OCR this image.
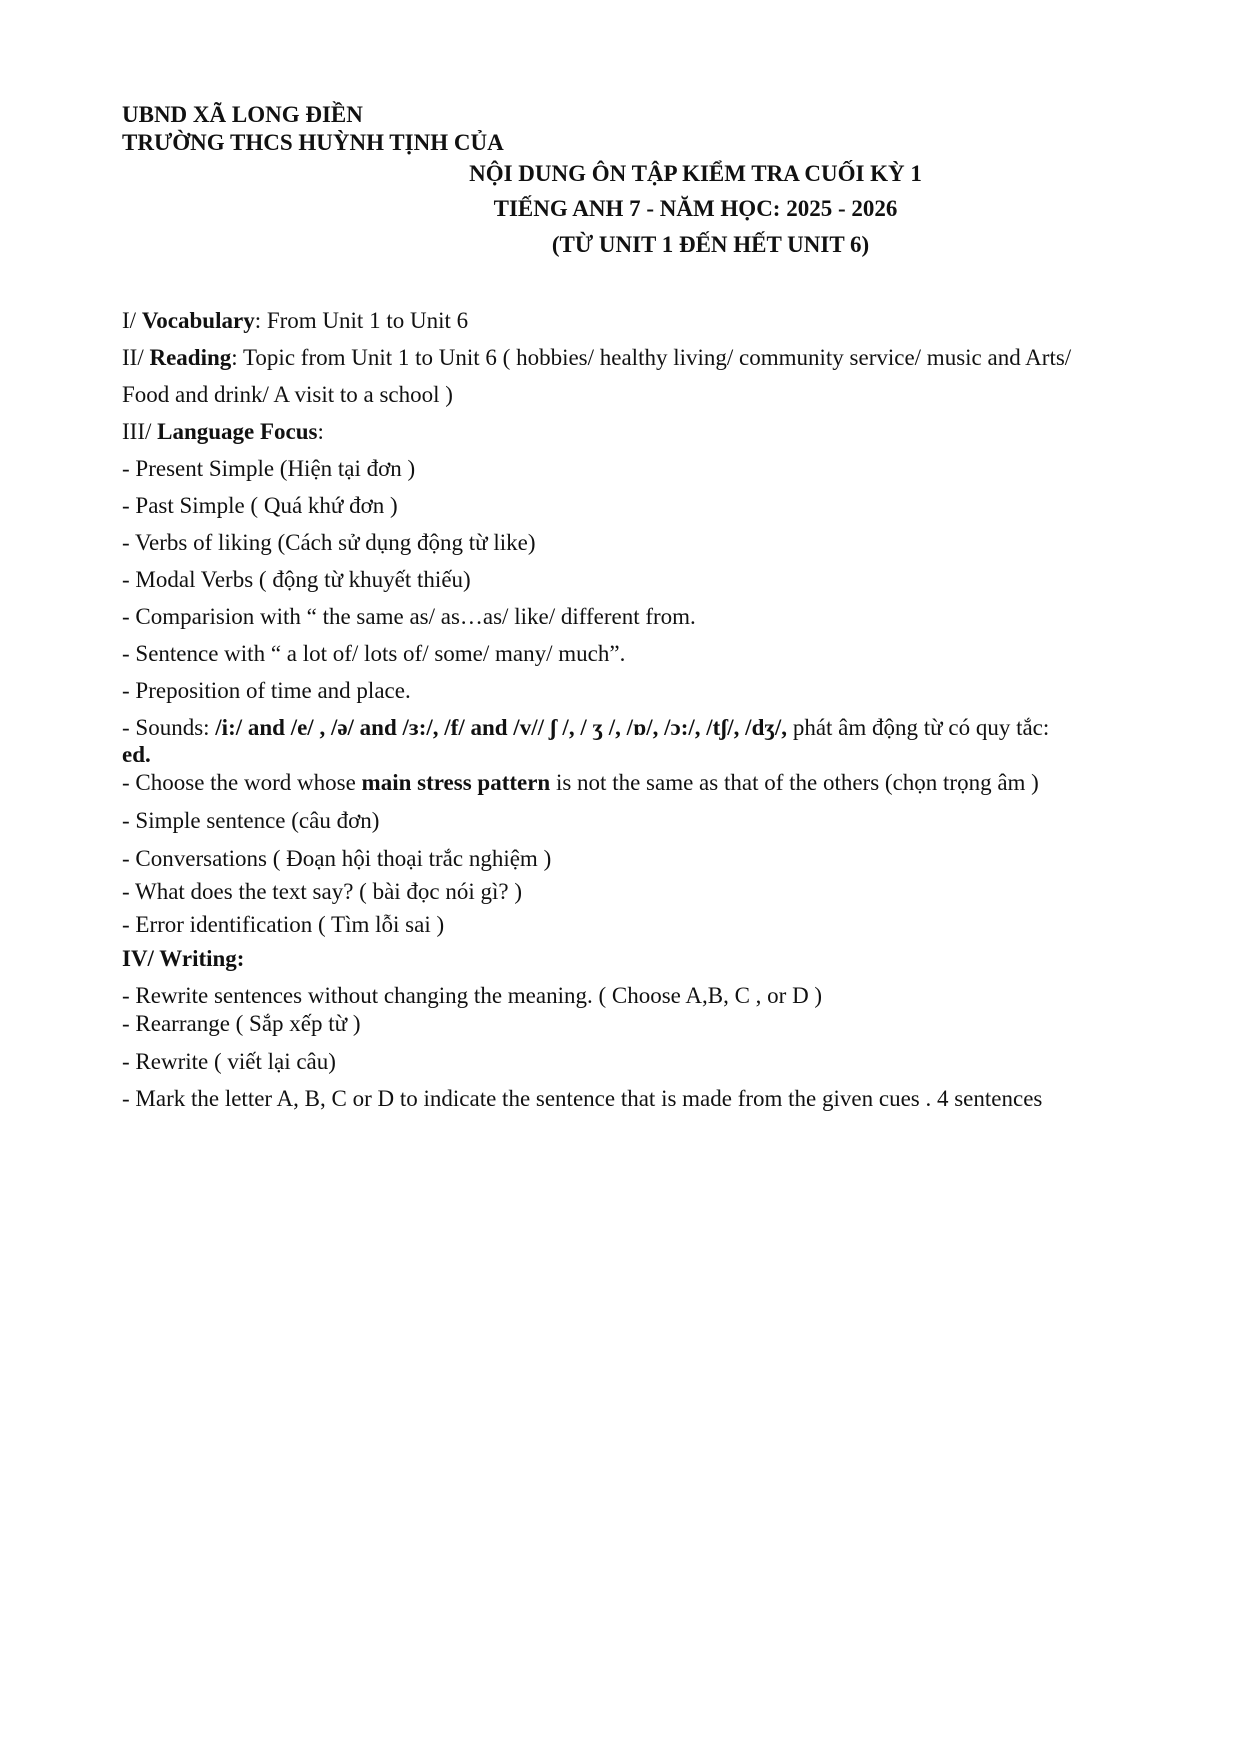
UBND XÃ LONG ĐIỀN
TRƯỜNG THCS HUỲNH TỊNH CỦA
NỘI DUNG ÔN TẬP KIỂM TRA CUỐI KỲ 1
TIẾNG ANH 7 - NĂM HỌC: 2025 - 2026
(TỪ UNIT 1 ĐẾN HẾT UNIT 6)
I/ Vocabulary: From Unit 1 to Unit 6
II/ Reading: Topic from Unit 1 to Unit 6 ( hobbies/ healthy living/ community service/ music and Arts/
Food and drink/ A visit to a school )
III/ Language Focus:
- Present Simple (Hiện tại đơn )
- Past Simple ( Quá khứ đơn )
- Verbs of liking (Cách sử dụng động từ like)
- Modal Verbs ( động từ khuyết thiếu)
- Comparision with “ the same as/ as…as/ like/ different from.
- Sentence with “ a lot of/ lots of/ some/ many/ much”.
- Preposition of time and place.
- Sounds: /i:/ and /e/ , /ə/ and /ɜ:/, /f/ and /v// ʃ /, / ʒ /, /ɒ/, /ɔ:/, /tʃ/, /dʒ/, phát âm động từ có quy tắc:
ed.
- Choose the word whose main stress pattern is not the same as that of the others (chọn trọng âm )
- Simple sentence (câu đơn)
- Conversations ( Đoạn hội thoại trắc nghiệm )
- What does the text say? ( bài đọc nói gì? )
- Error identification ( Tìm lỗi sai )
IV/ Writing:
- Rewrite sentences without changing the meaning. ( Choose A,B, C , or D )
- Rearrange ( Sắp xếp từ )
- Rewrite ( viết lại câu)
- Mark the letter A, B, C or D to indicate the sentence that is made from the given cues . 4 sentences
